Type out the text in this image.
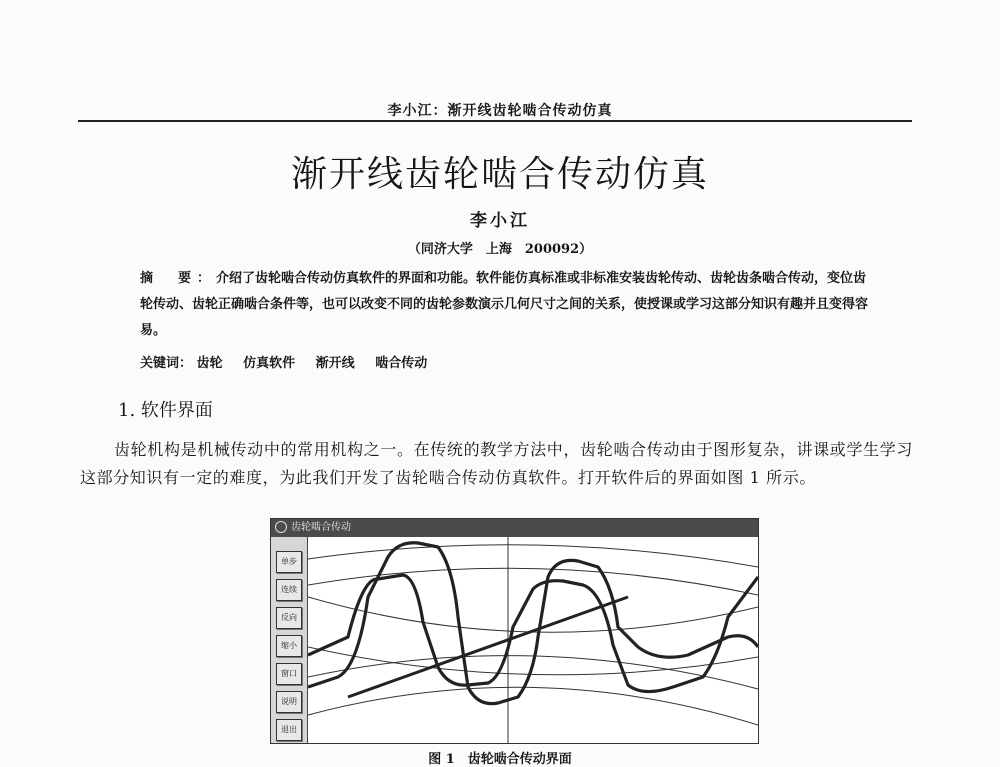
李小江：渐开线齿轮啮合传动仿真
渐开线齿轮啮合传动仿真
李小江
（同济大学　上海　200092）
摘　要：介绍了齿轮啮合传动仿真软件的界面和功能。软件能仿真标准或非标准安装齿轮传动、齿轮齿条啮合传动，变位齿轮传动、齿轮正确啮合条件等，也可以改变不同的齿轮参数演示几何尺寸之间的关系，使授课或学习这部分知识有趣并且变得容易。
关键词： 齿轮 仿真软件 渐开线 啮合传动
1. 软件界面
齿轮机构是机械传动中的常用机构之一。在传统的教学方法中，齿轮啮合传动由于图形复杂，讲课或学生学习这部分知识有一定的难度，为此我们开发了齿轮啮合传动仿真软件。打开软件后的界面如图 1 所示。
齿轮啮合传动
单步
连续
反向
缩小
窗口
说明
退出
图 1　齿轮啮合传动界面
